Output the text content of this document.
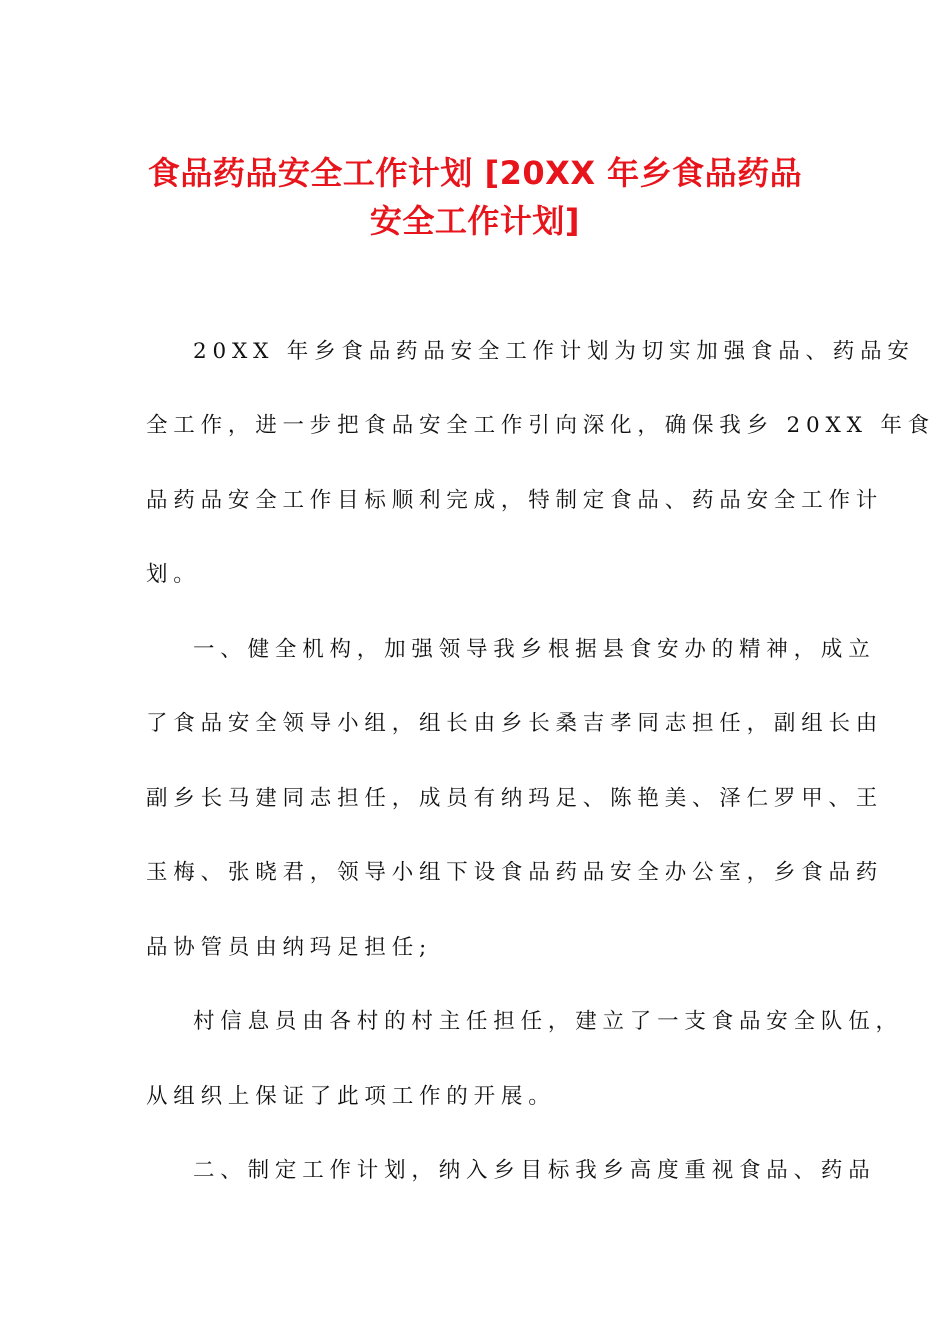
食品药品安全工作计划 [20XX 年乡食品药品
安全工作计划]

20XX 年乡食品药品安全工作计划为切实加强食品、药品安

全工作，进一步把食品安全工作引向深化，确保我乡 20XX 年食

品药品安全工作目标顺利完成，特制定食品、药品安全工作计

划。

一、健全机构，加强领导我乡根据县食安办的精神，成立

了食品安全领导小组，组长由乡长桑吉孝同志担任，副组长由

副乡长马建同志担任，成员有纳玛足、陈艳美、泽仁罗甲、王

玉梅、张晓君，领导小组下设食品药品安全办公室，乡食品药

品协管员由纳玛足担任;

村信息员由各村的村主任担任，建立了一支食品安全队伍，

从组织上保证了此项工作的开展。

二、制定工作计划，纳入乡目标我乡高度重视食品、药品
